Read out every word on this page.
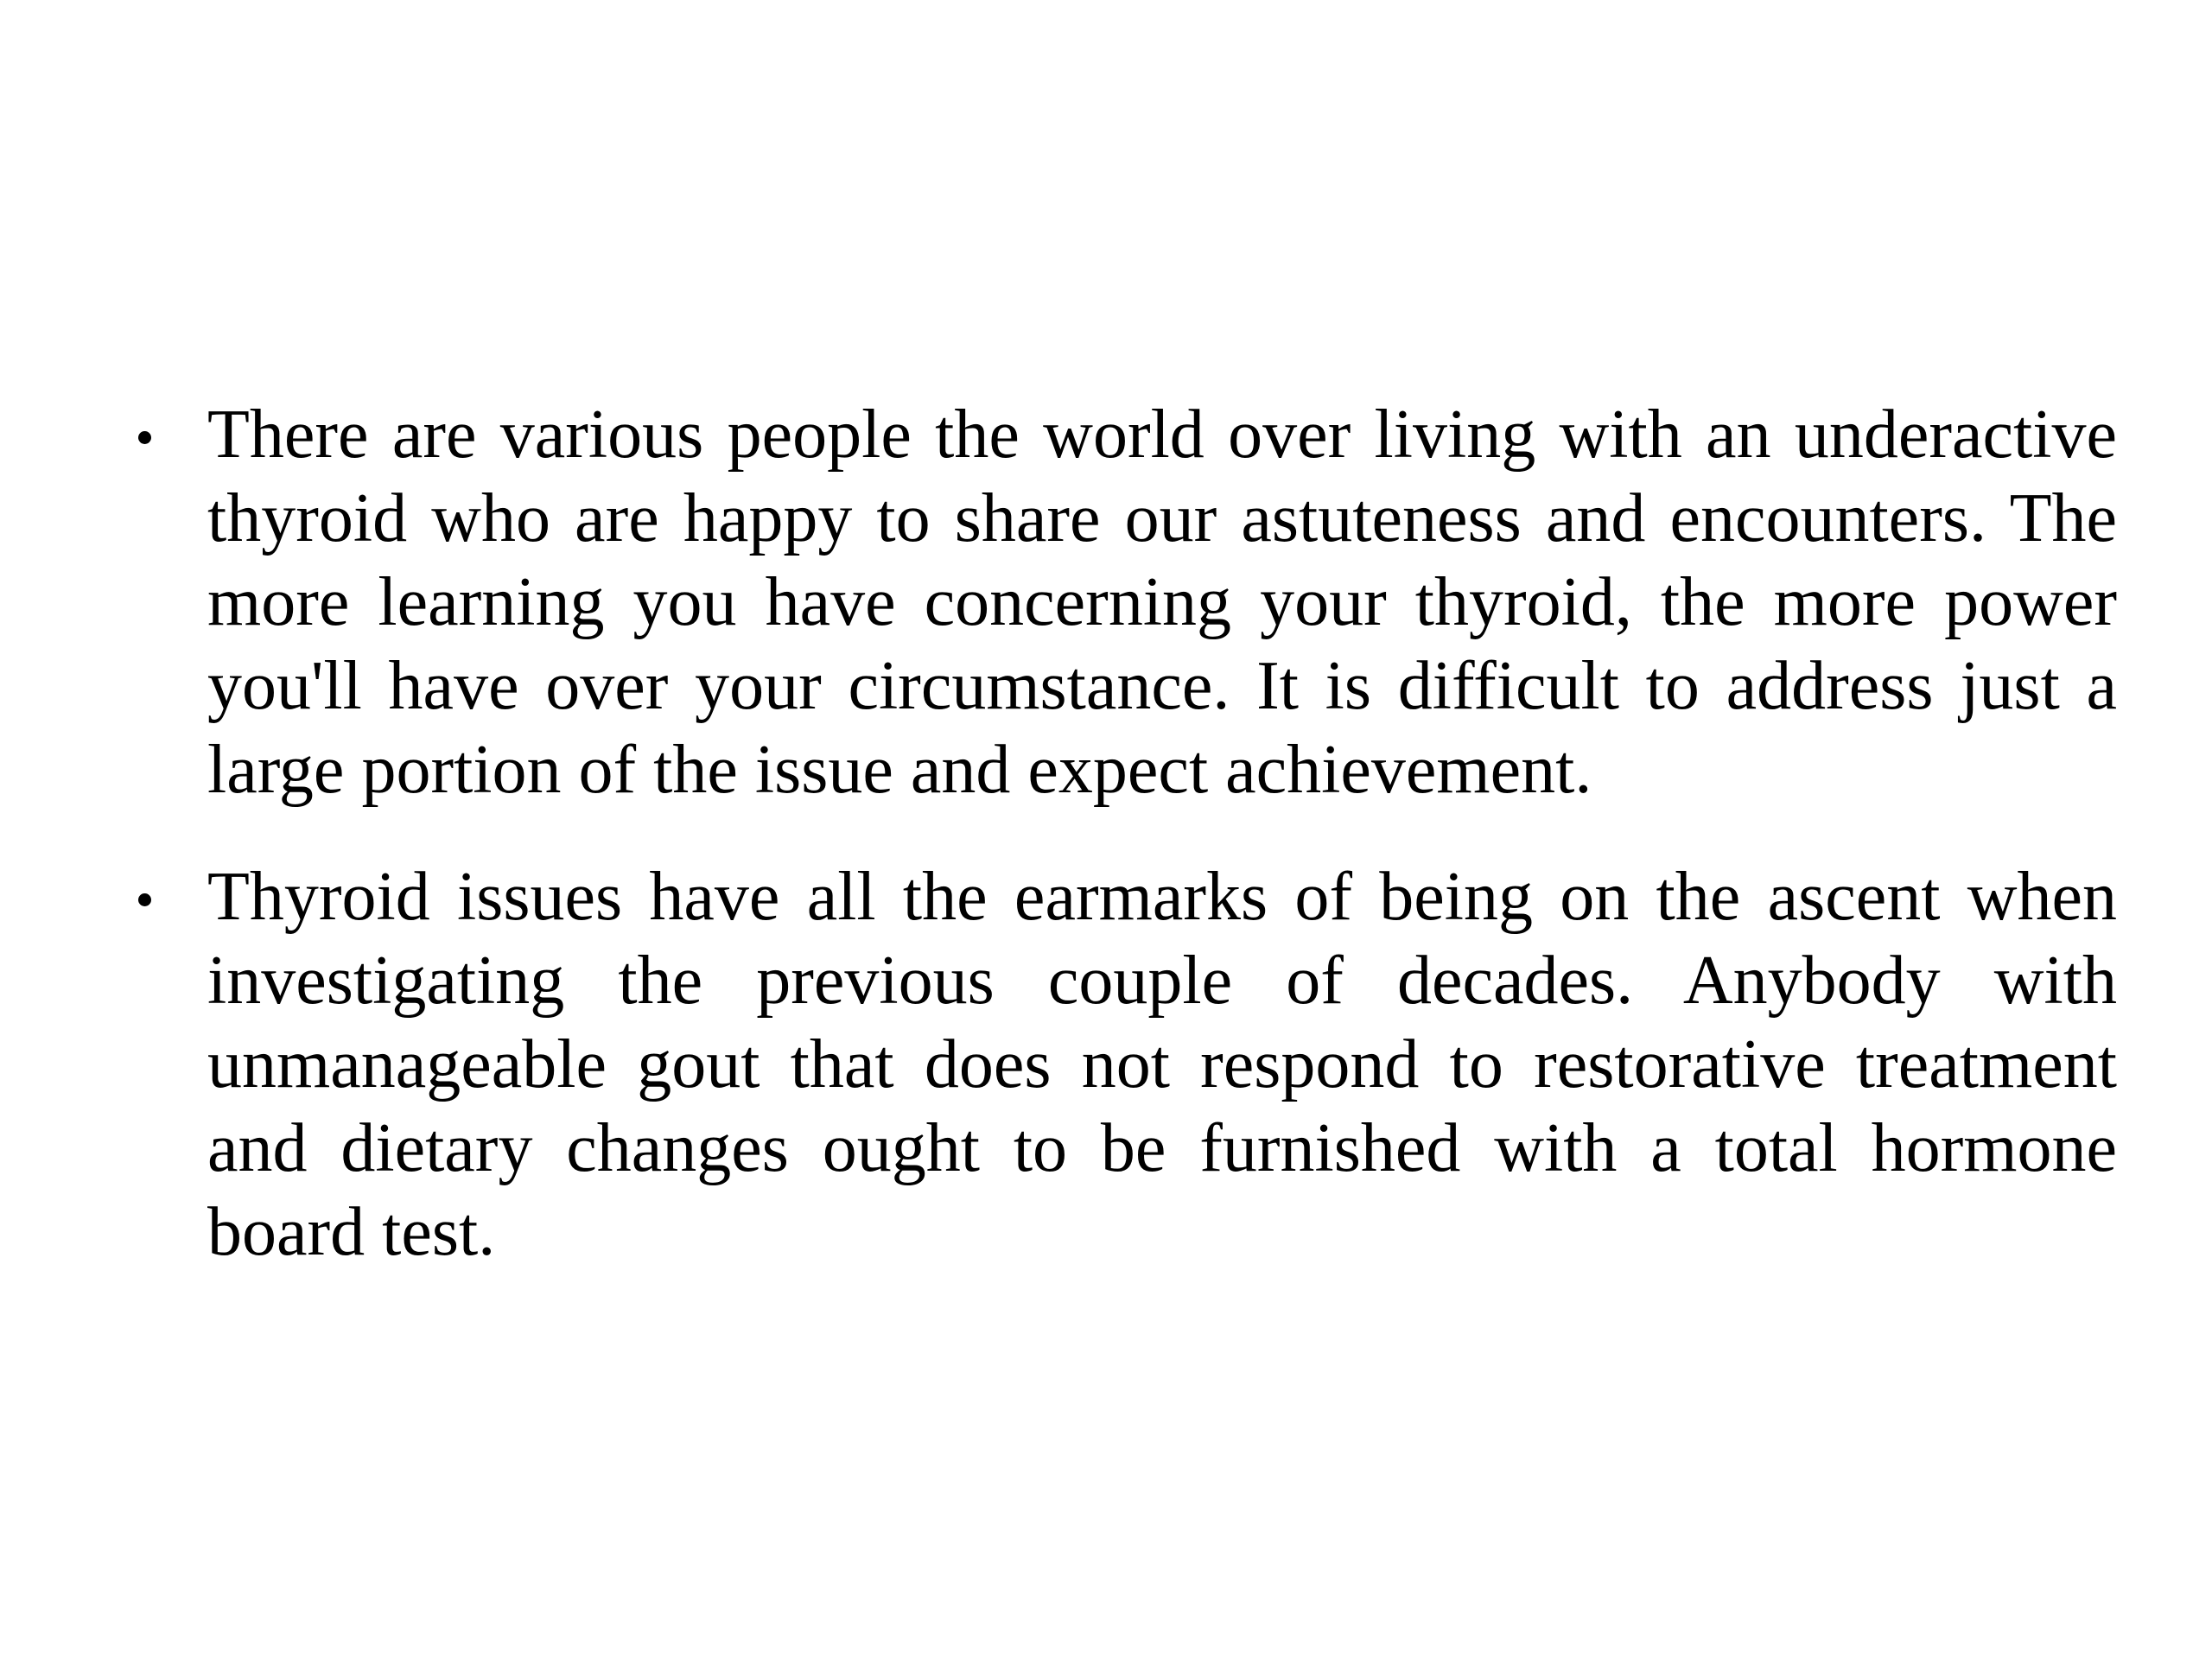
There are various people the world over living with an underactive thyroid who are happy to share our astuteness and encounters. The more learning you have concerning your thyroid, the more power you'll have over your circumstance. It is difficult to address just a large portion of the issue and expect achievement.
Thyroid issues have all the earmarks of being on the ascent when investigating the previous couple of decades. Anybody with unmanageable gout that does not respond to restorative treatment and dietary changes ought to be furnished with a total hormone board test.
